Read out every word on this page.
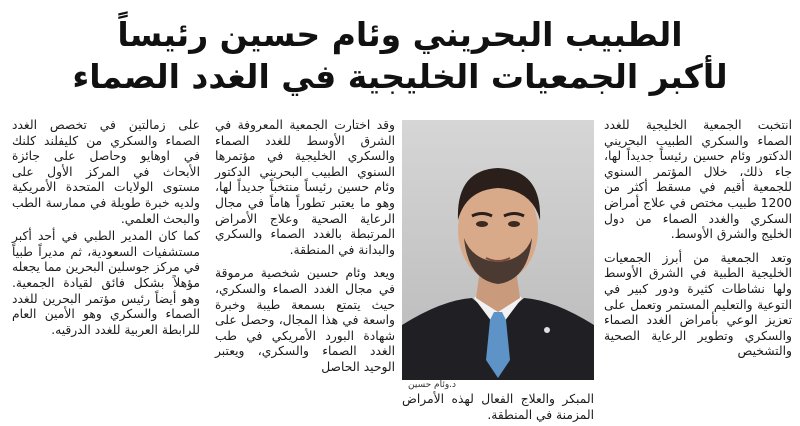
الطبيب البحريني وئام حسين رئيساً
لأكبر الجمعيات الخليجية في الغدد الصماء

انتخبت الجمعية الخليجية للغدد الصماء والسكري الطبيب البحريني الدكتور وئام حسين رئيساً جديداً لها، جاء ذلك، خلال المؤتمر السنوي للجمعية أقيم في مسقط أكثر من 1200 طبيب مختص في علاج أمراض السكري والغدد الصماء من دول الخليج والشرق الأوسط.

وتعد الجمعية من أبرز الجمعيات الخليجية الطبية في الشرق الأوسط ولها نشاطات كثيرة ودور كبير في التوعية والتعليم المستمر وتعمل على تعزيز الوعي بأمراض الغدد الصماء والسكري وتطوير الرعاية الصحية والتشخيص

د.وئام حسين

وقد اختارت الجمعية المعروفة في الشرق الأوسط للغدد الصماء والسكري الخليجية في مؤتمرها السنوي الطبيب البحريني الدكتور وئام حسين رئيساً منتخباً جديداً لها، وهو ما يعتبر تطوراً هاماً في مجال الرعاية الصحية وعلاج الأمراض المرتبطة بالغدد الصماء والسكري والبدانة في المنطقة.

ويعد وئام حسين شخصية مرموقة في مجال الغدد الصماء والسكري، حيث يتمتع بسمعة طيبة وخبرة واسعة في هذا المجال، وحصل على شهادة البورد الأمريكي في طب الغدد الصماء والسكري، ويعتبر الوحيد الحاصل

على زمالتين في تخصص الغدد الصماء والسكري من كليفلند كلنك في اوهايو وحاصل على جائزة الأبحاث في المركز الأول على مستوى الولايات المتحدة الأمريكية ولديه خبرة طويلة في ممارسة الطب والبحث العلمي.

كما كان المدير الطبي في أحد أكبر مستشفيات السعودية، ثم مديراً طبياً في مركز جوسلين البحرين مما يجعله مؤهلاً بشكل فائق لقيادة الجمعية. وهو أيضاً رئيس مؤتمر البحرين للغدد الصماء والسكري وهو الأمين العام للرابطة العربية للغدد الدرقيه.

المبكر والعلاج الفعال لهذه الأمراض المزمنة في المنطقة.
